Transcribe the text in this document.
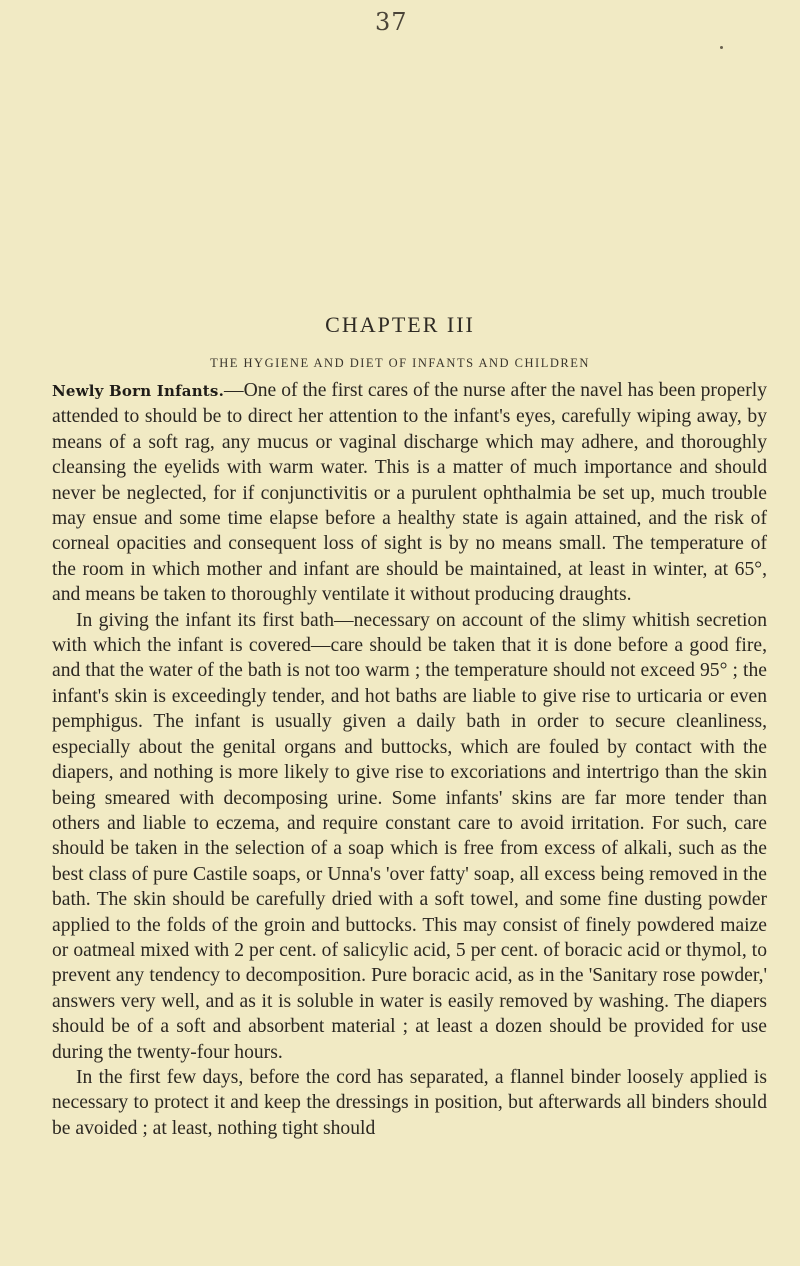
37
CHAPTER III
THE HYGIENE AND DIET OF INFANTS AND CHILDREN

Newly Born Infants.—One of the first cares of the nurse after the navel has been properly attended to should be to direct her attention to the infant's eyes, carefully wiping away, by means of a soft rag, any mucus or vaginal discharge which may adhere, and thoroughly cleansing the eyelids with warm water. This is a matter of much importance and should never be neglected, for if conjunctivitis or a purulent ophthalmia be set up, much trouble may ensue and some time elapse before a healthy state is again attained, and the risk of corneal opacities and consequent loss of sight is by no means small. The temperature of the room in which mother and infant are should be maintained, at least in winter, at 65°, and means be taken to thoroughly ventilate it without producing draughts.

In giving the infant its first bath—necessary on account of the slimy whitish secretion with which the infant is covered—care should be taken that it is done before a good fire, and that the water of the bath is not too warm ; the temperature should not exceed 95° ; the infant's skin is exceedingly tender, and hot baths are liable to give rise to urticaria or even pemphigus. The infant is usually given a daily bath in order to secure cleanliness, especially about the genital organs and buttocks, which are fouled by contact with the diapers, and nothing is more likely to give rise to excoriations and intertrigo than the skin being smeared with decomposing urine. Some infants' skins are far more tender than others and liable to eczema, and require constant care to avoid irritation. For such, care should be taken in the selection of a soap which is free from excess of alkali, such as the best class of pure Castile soaps, or Unna's 'over fatty' soap, all excess being removed in the bath. The skin should be carefully dried with a soft towel, and some fine dusting powder applied to the folds of the groin and buttocks. This may consist of finely powdered maize or oatmeal mixed with 2 per cent. of salicylic acid, 5 per cent. of boracic acid or thymol, to prevent any tendency to decomposition. Pure boracic acid, as in the 'Sanitary rose powder,' answers very well, and as it is soluble in water is easily removed by washing. The diapers should be of a soft and absorbent material ; at least a dozen should be provided for use during the twenty-four hours.

In the first few days, before the cord has separated, a flannel binder loosely applied is necessary to protect it and keep the dressings in position, but afterwards all binders should be avoided ; at least, nothing tight should
